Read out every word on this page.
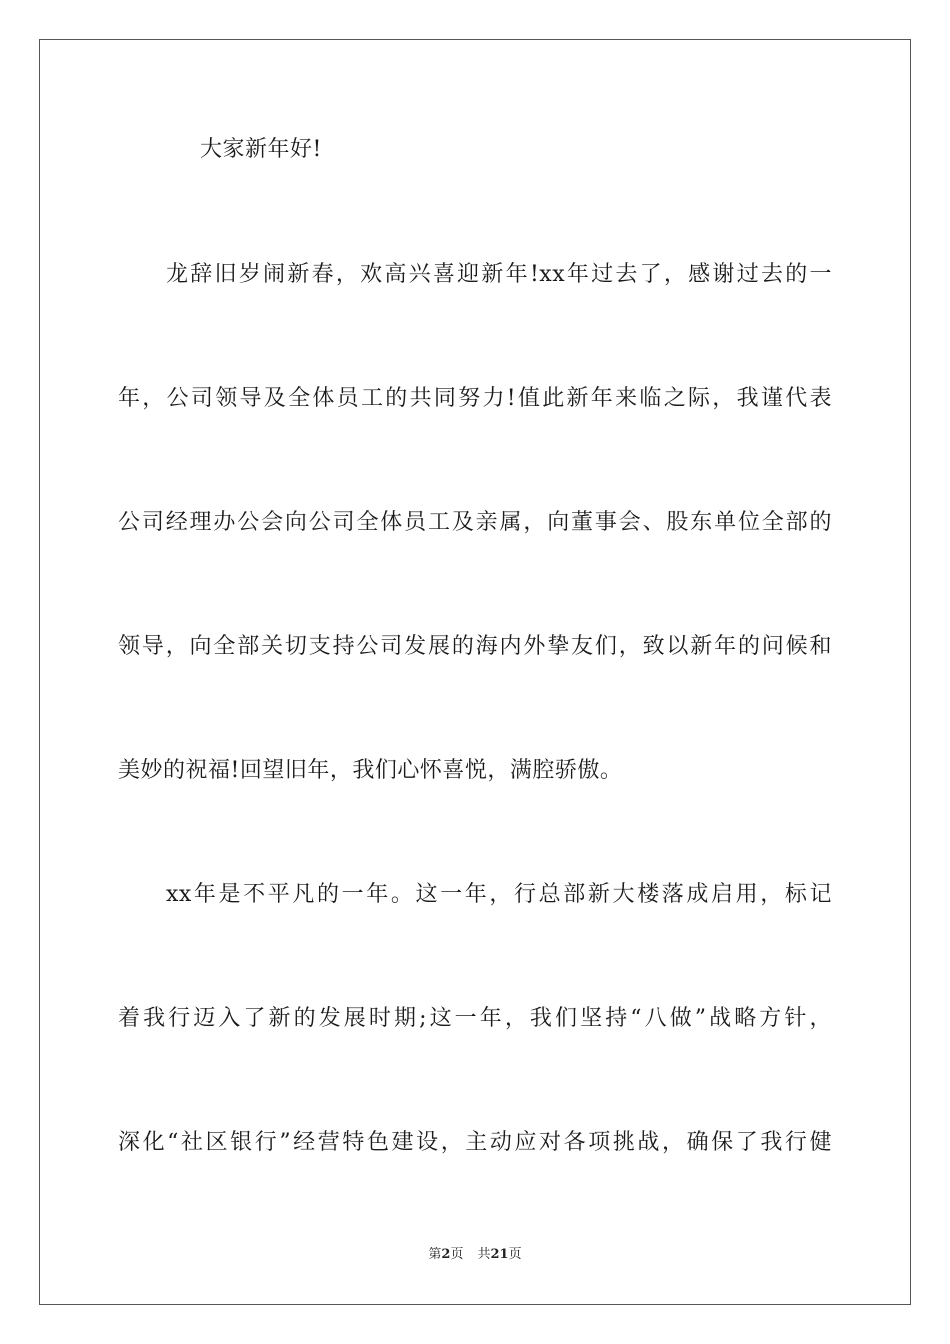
大家新年好!
龙辞旧岁闹新春，欢高兴喜迎新年!xx年过去了，感谢过去的一
年，公司领导及全体员工的共同努力!值此新年来临之际，我谨代表
公司经理办公会向公司全体员工及亲属，向董事会、股东单位全部的
领导，向全部关切支持公司发展的海内外挚友们，致以新年的问候和
美妙的祝福!回望旧年，我们心怀喜悦，满腔骄傲。
xx年是不平凡的一年。这一年，行总部新大楼落成启用，标记
着我行迈入了新的发展时期;这一年，我们坚持“八做”战略方针，
深化“社区银行”经营特色建设，主动应对各项挑战，确保了我行健
第2页 共21页
